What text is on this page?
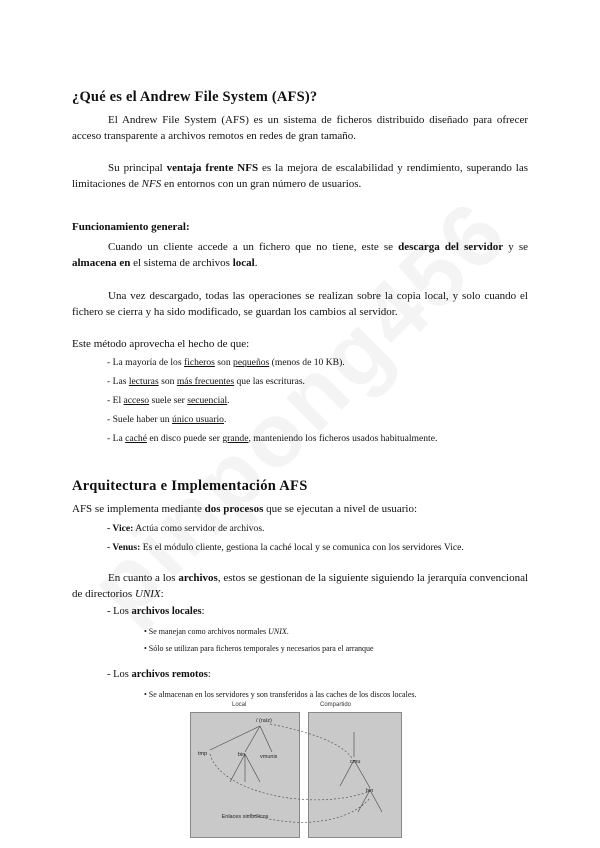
¿Qué es el Andrew File System (AFS)?
El Andrew File System (AFS) es un sistema de ficheros distribuido diseñado para ofrecer acceso transparente a archivos remotos en redes de gran tamaño.
Su principal ventaja frente NFS es la mejora de escalabilidad y rendimiento, superando las limitaciones de NFS en entornos con un gran número de usuarios.
Funcionamiento general:
Cuando un cliente accede a un fichero que no tiene, este se descarga del servidor y se almacena en el sistema de archivos local.
Una vez descargado, todas las operaciones se realizan sobre la copia local, y solo cuando el fichero se cierra y ha sido modificado, se guardan los cambios al servidor.
Este método aprovecha el hecho de que:
- La mayoría de los ficheros son pequeños (menos de 10 KB).
- Las lecturas son más frecuentes que las escrituras.
- El acceso suele ser secuencial.
- Suele haber un único usuario.
- La caché en disco puede ser grande, manteniendo los ficheros usados habitualmente.
Arquitectura e Implementación AFS
AFS se implementa mediante dos procesos que se ejecutan a nivel de usuario:
- Vice: Actúa como servidor de archivos.
- Venus: Es el módulo cliente, gestiona la caché local y se comunica con los servidores Vice.
En cuanto a los archivos, estos se gestionan de la siguiente siguiendo la jerarquía convencional de directorios UNIX:
- Los archivos locales:
• Se manejan como archivos normales UNIX.
• Sólo se utilizan para ficheros temporales y necesarios para el arranque
- Los archivos remotos:
• Se almacenan en los servidores y son transferidos a las caches de los discos locales.
Local	Compartido
/ (raíz)
tmp	bin	vmunix
Enlaces simbólicos
cmu
bin
